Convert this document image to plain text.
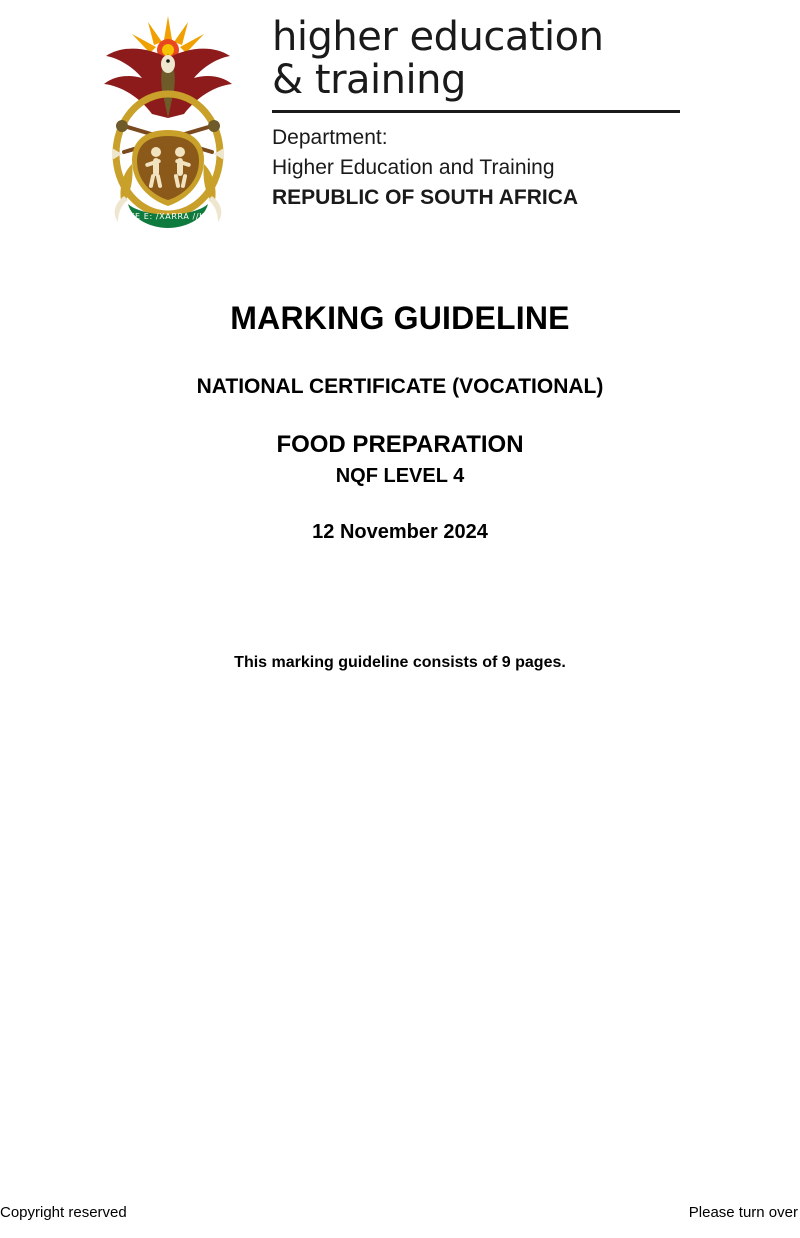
!KE E: /XARRA //KE
higher education
& training
Department:
Higher Education and Training
REPUBLIC OF SOUTH AFRICA
MARKING GUIDELINE
NATIONAL CERTIFICATE (VOCATIONAL)
FOOD PREPARATION
NQF LEVEL 4
12 November 2024
This marking guideline consists of 9 pages.
Copyright reserved	Please turn over
